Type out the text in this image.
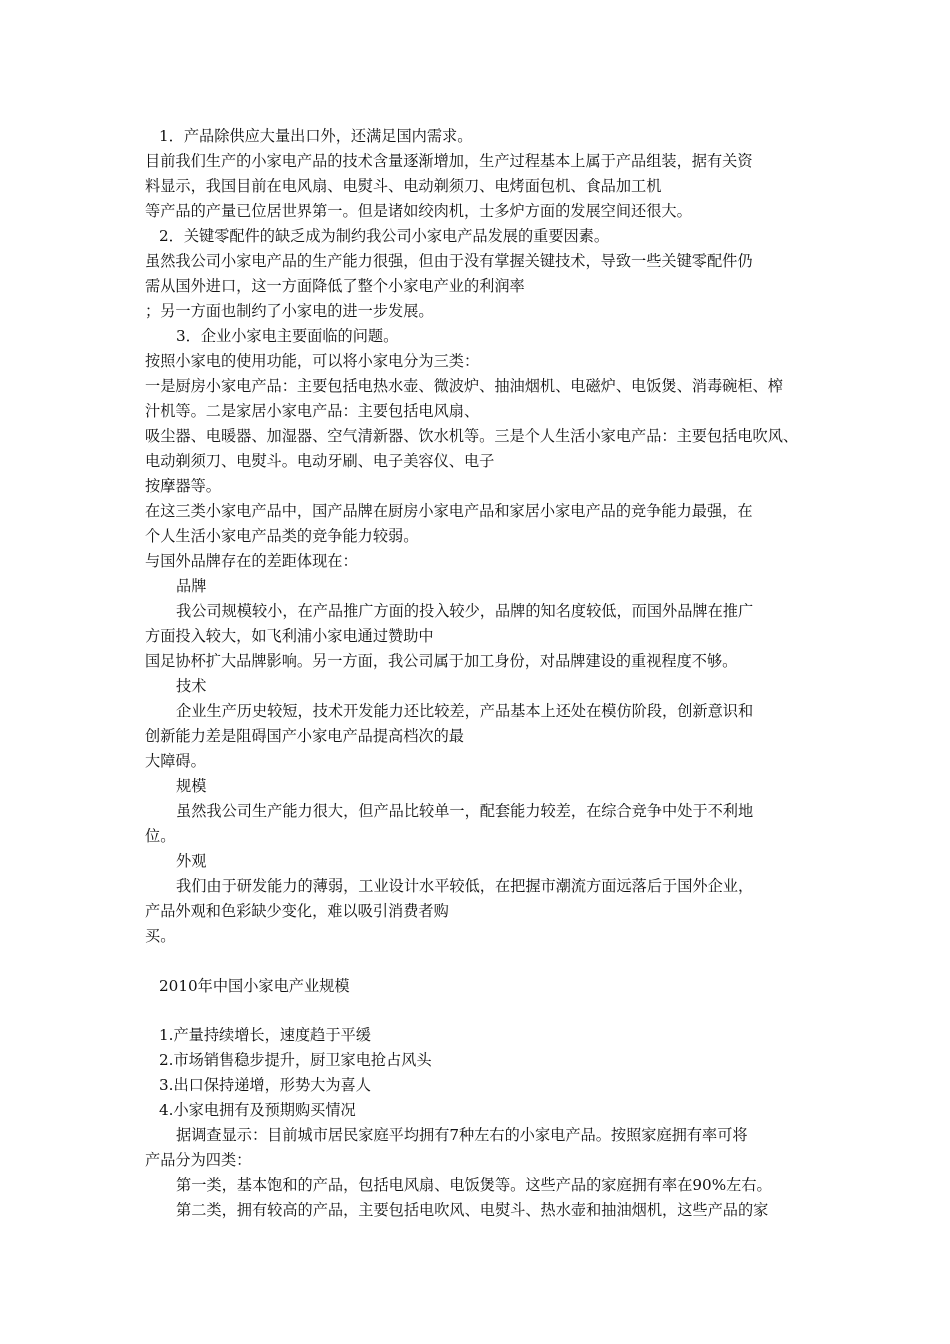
1．产品除供应大量出口外，还满足国内需求。
目前我们生产的小家电产品的技术含量逐渐增加，生产过程基本上属于产品组装，据有关资
料显示，我国目前在电风扇、电熨斗、电动剃须刀、电烤面包机、食品加工机
等产品的产量已位居世界第一。但是诸如绞肉机，士多炉方面的发展空间还很大。
2．关键零配件的缺乏成为制约我公司小家电产品发展的重要因素。
虽然我公司小家电产品的生产能力很强，但由于没有掌握关键技术，导致一些关键零配件仍
需从国外进口，这一方面降低了整个小家电产业的利润率
；另一方面也制约了小家电的进一步发展。
3．企业小家电主要面临的问题。
按照小家电的使用功能，可以将小家电分为三类：
一是厨房小家电产品：主要包括电热水壶、微波炉、抽油烟机、电磁炉、电饭煲、消毒碗柜、榨
汁机等。二是家居小家电产品：主要包括电风扇、
吸尘器、电暖器、加湿器、空气清新器、饮水机等。三是个人生活小家电产品：主要包括电吹风、
电动剃须刀、电熨斗。电动牙刷、电子美容仪、电子
按摩器等。
在这三类小家电产品中，国产品牌在厨房小家电产品和家居小家电产品的竞争能力最强，在
个人生活小家电产品类的竞争能力较弱。
与国外品牌存在的差距体现在：
品牌
我公司规模较小，在产品推广方面的投入较少，品牌的知名度较低，而国外品牌在推广
方面投入较大，如飞利浦小家电通过赞助中
国足协杯扩大品牌影响。另一方面，我公司属于加工身份，对品牌建设的重视程度不够。
技术
企业生产历史较短，技术开发能力还比较差，产品基本上还处在模仿阶段，创新意识和
创新能力差是阻碍国产小家电产品提高档次的最
大障碍。
规模
虽然我公司生产能力很大，但产品比较单一，配套能力较差，在综合竞争中处于不利地
位。
外观
我们由于研发能力的薄弱，工业设计水平较低，在把握市潮流方面远落后于国外企业，
产品外观和色彩缺少变化，难以吸引消费者购
买。
2010年中国小家电产业规模
1.产量持续增长，速度趋于平缓
2.市场销售稳步提升，厨卫家电抢占风头
3.出口保持递增，形势大为喜人
4.小家电拥有及预期购买情况
据调查显示：目前城市居民家庭平均拥有7种左右的小家电产品。按照家庭拥有率可将
产品分为四类：
第一类，基本饱和的产品，包括电风扇、电饭煲等。这些产品的家庭拥有率在90%左右。
第二类，拥有较高的产品，主要包括电吹风、电熨斗、热水壶和抽油烟机，这些产品的家
